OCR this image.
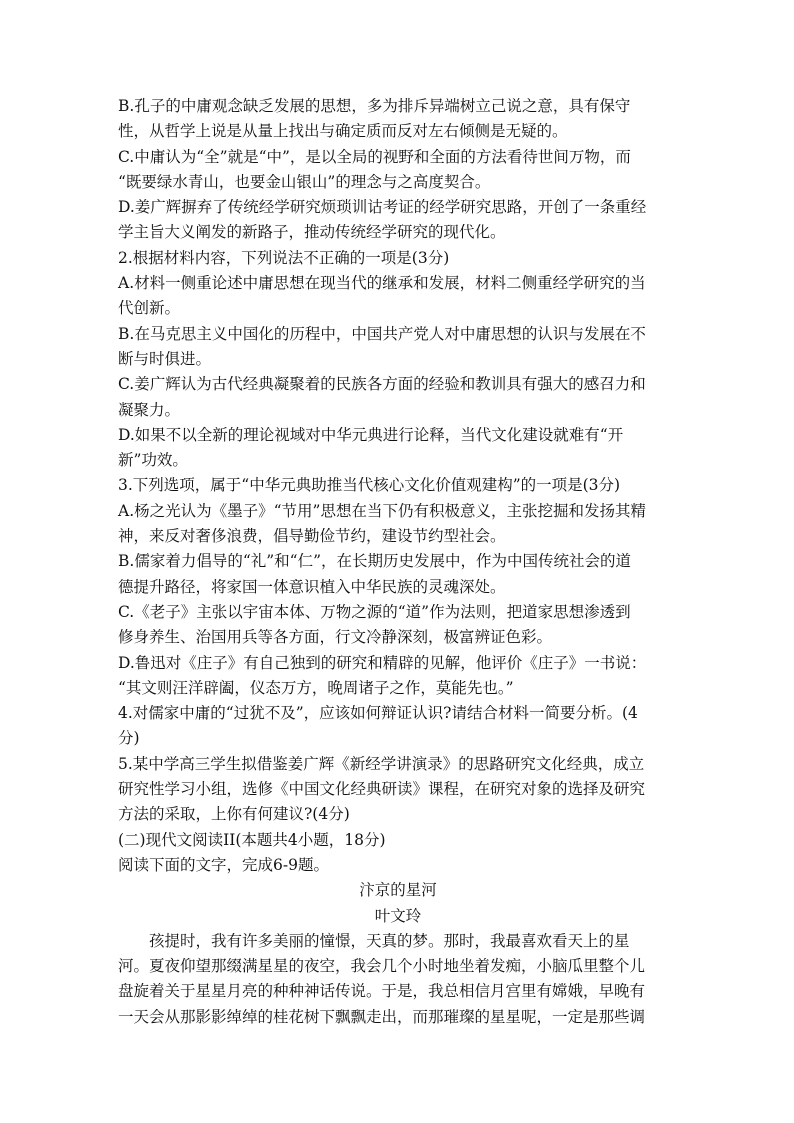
B.孔子的中庸观念缺乏发展的思想，多为排斥异端树立己说之意，具有保守
性，从哲学上说是从量上找出与确定质而反对左右倾侧是无疑的。
C.中庸认为“全”就是“中”，是以全局的视野和全面的方法看待世间万物，而
“既要绿水青山，也要金山银山”的理念与之高度契合。
D.姜广辉摒弃了传统经学研究烦琐训诂考证的经学研究思路，开创了一条重经
学主旨大义阐发的新路子，推动传统经学研究的现代化。
2.根据材料内容，下列说法不正确的一项是(3分)
A.材料一侧重论述中庸思想在现当代的继承和发展，材料二侧重经学研究的当
代创新。
B.在马克思主义中国化的历程中，中国共产党人对中庸思想的认识与发展在不
断与时俱进。
C.姜广辉认为古代经典凝聚着的民族各方面的经验和教训具有强大的感召力和
凝聚力。
D.如果不以全新的理论视域对中华元典进行论释，当代文化建设就难有“开
新”功效。
3.下列选项，属于“中华元典助推当代核心文化价值观建构”的一项是(3分)
A.杨之光认为《墨子》“节用”思想在当下仍有积极意义，主张挖掘和发扬其精
神，来反对奢侈浪费，倡导勤俭节约，建设节约型社会。
B.儒家着力倡导的“礼”和“仁”，在长期历史发展中，作为中国传统社会的道
德提升路径，将家国一体意识植入中华民族的灵魂深处。
C.《老子》主张以宇宙本体、万物之源的“道”作为法则，把道家思想渗透到
修身养生、治国用兵等各方面，行文冷静深刻，极富辨证色彩。
D.鲁迅对《庄子》有自己独到的研究和精辟的见解，他评价《庄子》一书说：
“其文则汪洋辟阖，仪态万方，晚周诸子之作，莫能先也。”
4.对儒家中庸的“过犹不及”，应该如何辩证认识?请结合材料一简要分析。(4
分)
5.某中学高三学生拟借鉴姜广辉《新经学讲演录》的思路研究文化经典，成立
研究性学习小组，选修《中国文化经典研读》课程，在研究对象的选择及研究
方法的采取，上你有何建议?(4分)
(二)现代文阅读II(本题共4小题，18分)
阅读下面的文字，完成6-9题。
汴京的星河
叶文玲
孩提时，我有许多美丽的憧憬，天真的梦。那时，我最喜欢看天上的星
河。夏夜仰望那缀满星星的夜空，我会几个小时地坐着发痴，小脑瓜里整个儿
盘旋着关于星星月亮的种种神话传说。于是，我总相信月宫里有嫦娥，早晚有
一天会从那影影绰绰的桂花树下飘飘走出，而那璀璨的星星呢，一定是那些调
